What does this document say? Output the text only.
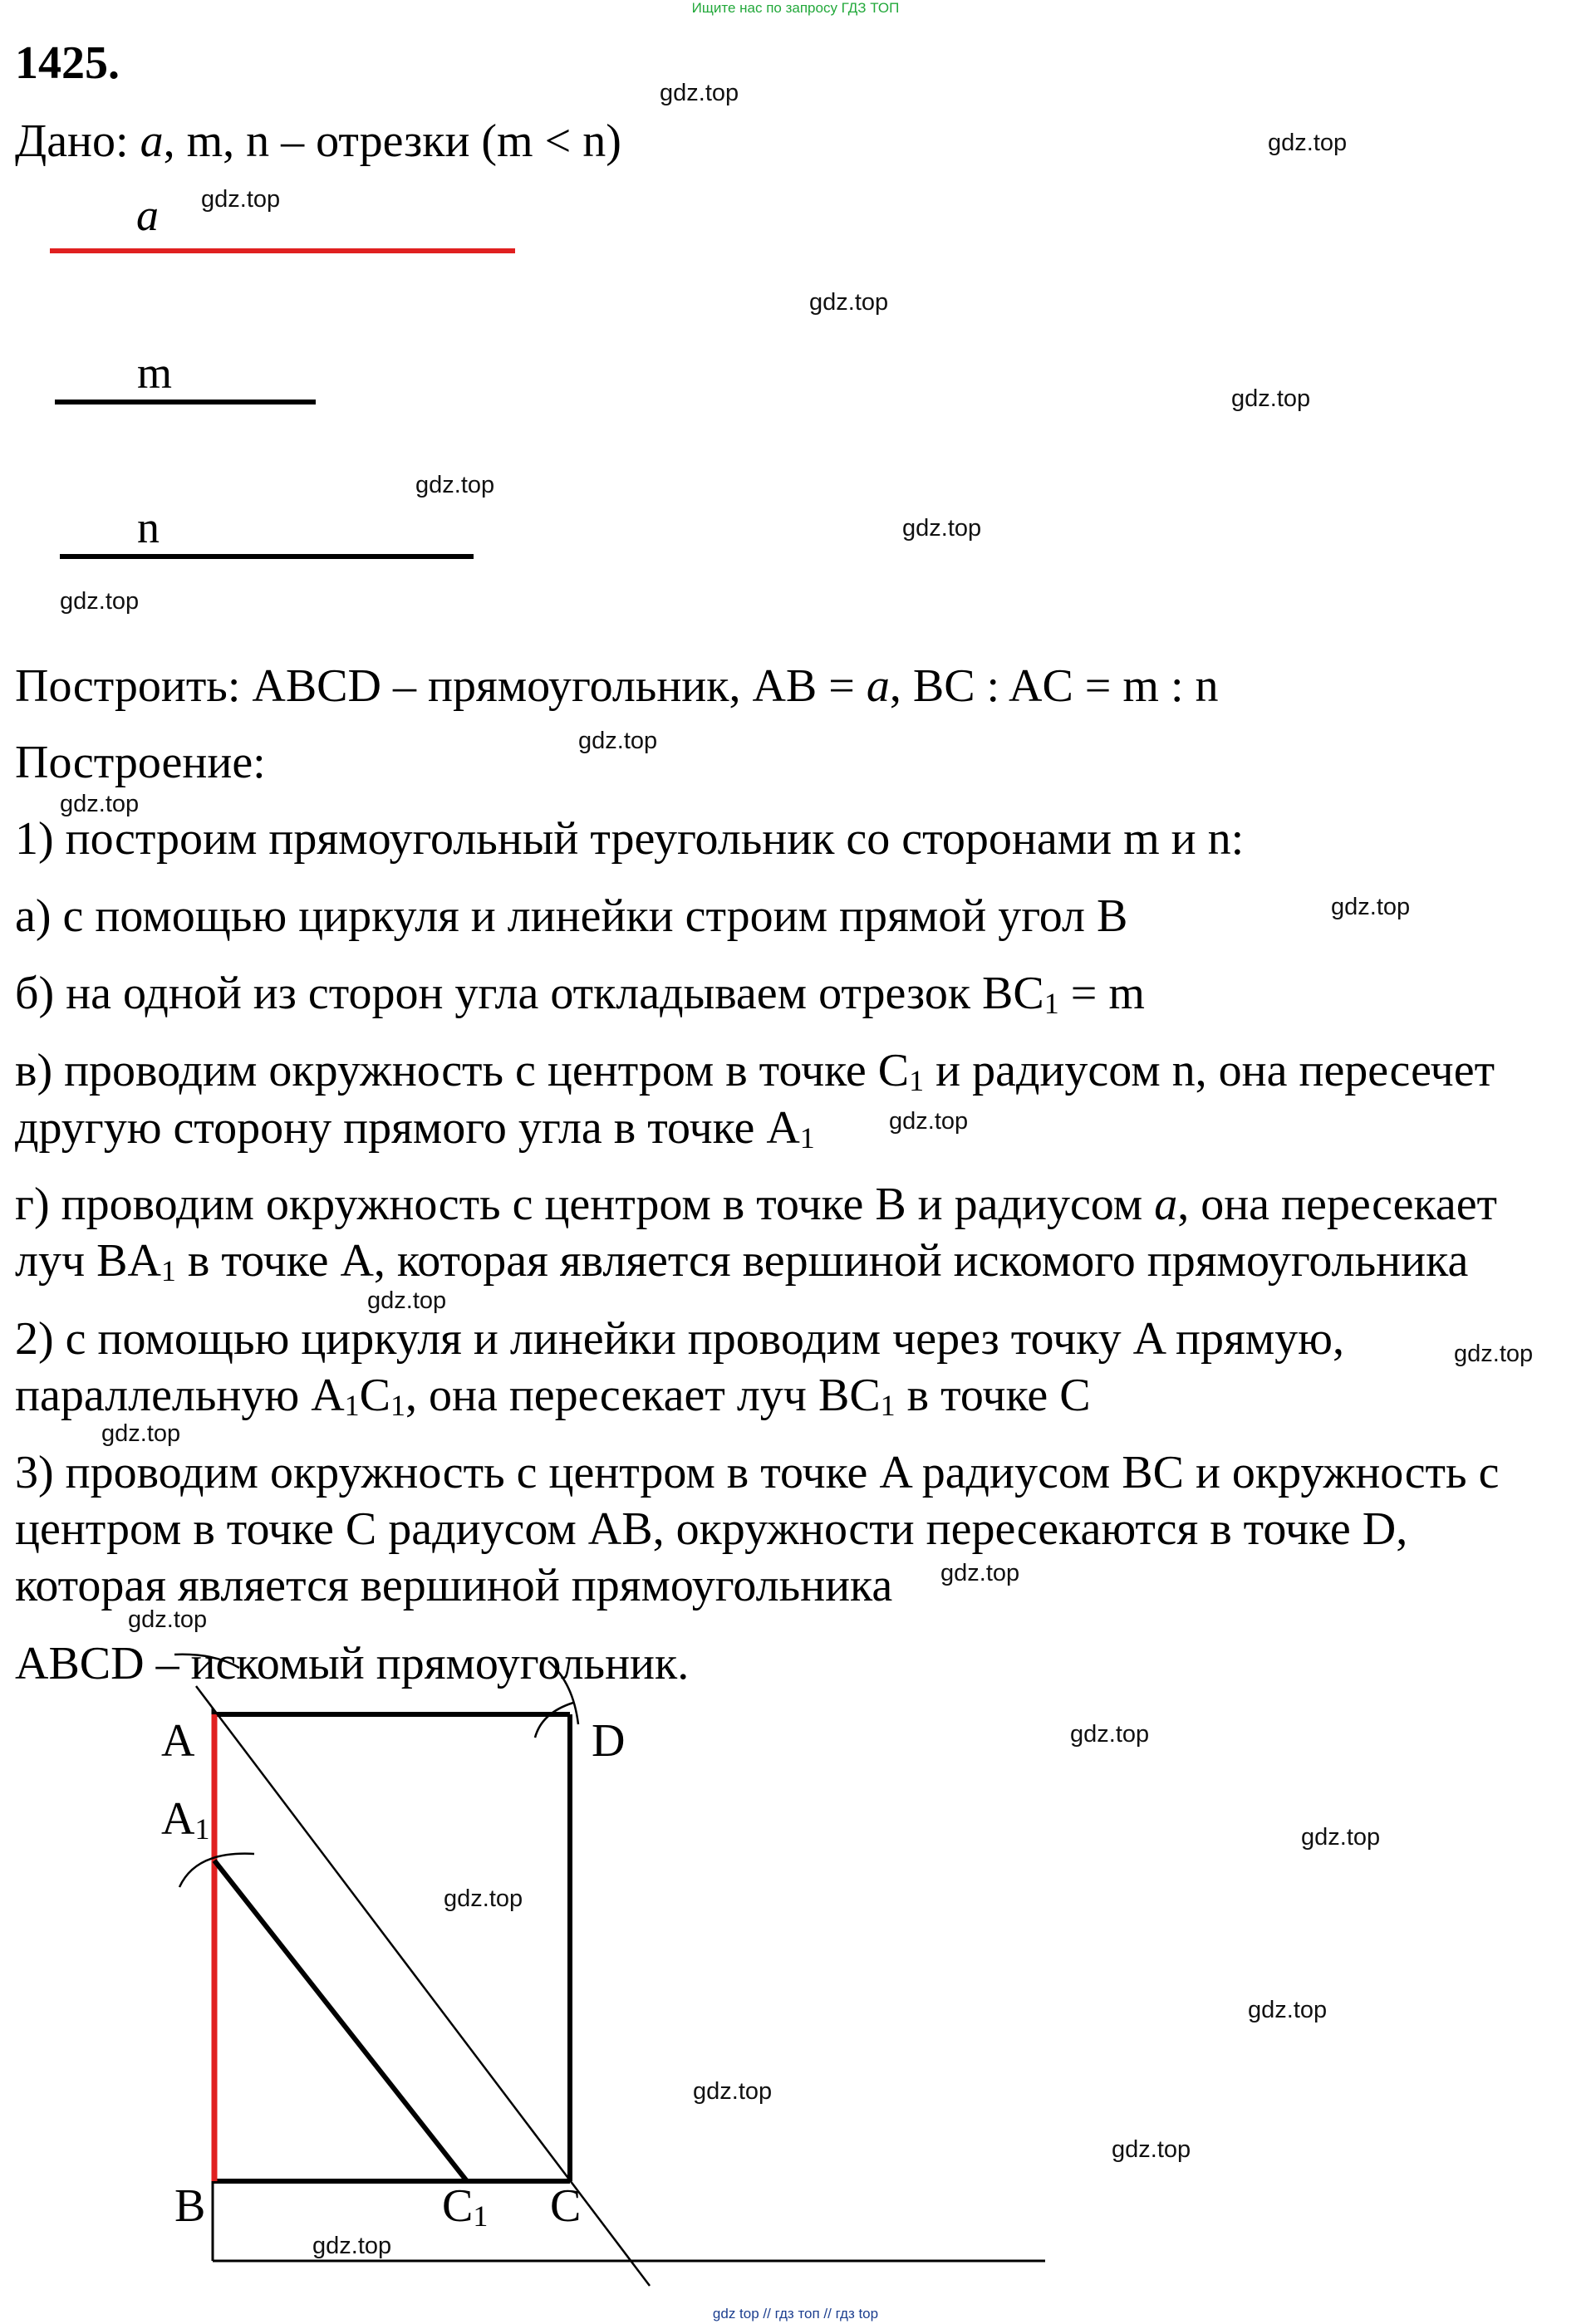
Ищите нас по запросу ГДЗ ТОП
gdz top // гдз топ // гдз top
1425.
Дано: a, m, n – отрезки (m < n)
a
m
n
Построить: ABCD – прямоугольник, AB = a, BC : AC = m : n
Построение:
1) построим прямоугольный треугольник со сторонами m и n:
а) с помощью циркуля и линейки строим прямой угол B
б) на одной из сторон угла откладываем отрезок $BC_1 = m$
в) проводим окружность с центром в точке $C_1$ и радиусом n, она пересечет
другую сторону прямого угла в точке $A_1$
г) проводим окружность с центром в точке B и радиусом a, она пересекает
луч $BA_1$ в точке A, которая является вершиной искомого прямоугольника
2) с помощью циркуля и линейки проводим через точку A прямую,
параллельную $A_1C_1$, она пересекает луч $BC_1$ в точке C
3) проводим окружность с центром в точке A радиусом BC и окружность с
центром в точке C радиусом AB, окружности пересекаются в точке D,
которая является вершиной прямоугольника
ABCD – искомый прямоугольник.
A
$A_1$
D
B	$C_1$ C
gdz.top
gdz.top
gdz.top
gdz.top
gdz.top
gdz.top
gdz.top
gdz.top
gdz.top
gdz.top
gdz.top
gdz.top
gdz.top
gdz.top
gdz.top
gdz.top
gdz.top
gdz.top
gdz.top
gdz.top
gdz.top
gdz.top
gdz.top
gdz.top
